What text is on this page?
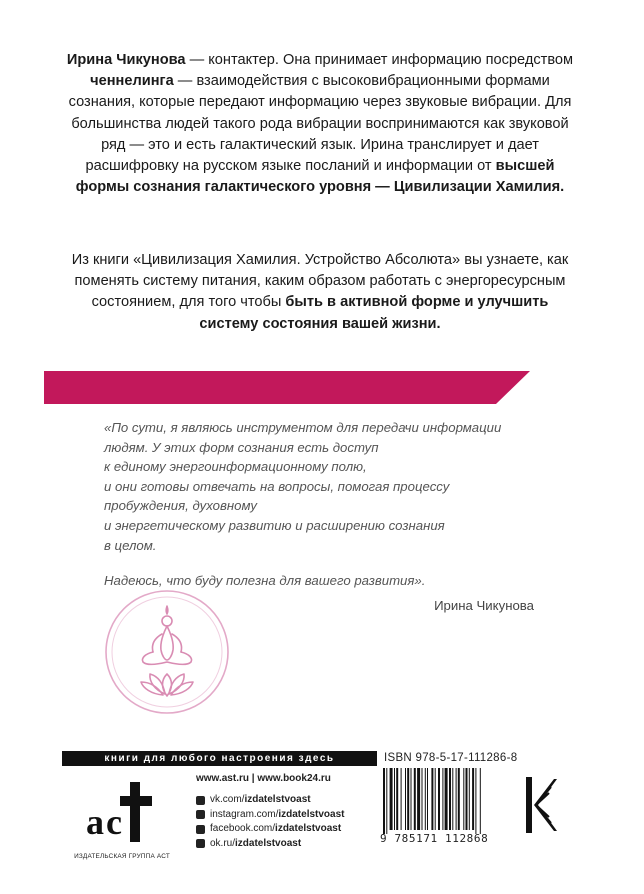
Ирина Чикунова — контактер. Она принимает информацию посредством ченнелинга — взаимодействия с высоковибрационными формами сознания, которые передают информацию через звуковые вибрации. Для большинства людей такого рода вибрации воспринимаются как звуковой ряд — это и есть галактический язык. Ирина транслирует и дает расшифровку на русском языке посланий и информации от высшей формы сознания галактического уровня — Цивилизации Хамилия.
Из книги «Цивилизация Хамилия. Устройство Абсолюта» вы узнаете, как поменять систему питания, каким образом работать с энергоресурсным состоянием, для того чтобы быть в активной форме и улучшить систему состояния вашей жизни.

«По сути, я являюсь инструментом для передачи информации

людям. У этих форм сознания есть доступ

к единому энергоинформационному полю,

и они готовы отвечать на вопросы, помогая процессу

пробуждения, духовному

и энергетическому развитию и расширению сознания

в целом.

Надеюсь, что буду полезна для вашего развития».

Ирина Чикунова
книги для любого настроения здесь
a c
ИЗДАТЕЛЬСКАЯ ГРУППА АСТ
www.ast.ru | www.book24.ru
vk.com/ izdatelstvoast
instagram.com/ izdatelstvoast
facebook.com/ izdatelstvoast
ok.ru/ izdatelstvoast
ISBN 978-5-17-111286-8
9 785171 112868
